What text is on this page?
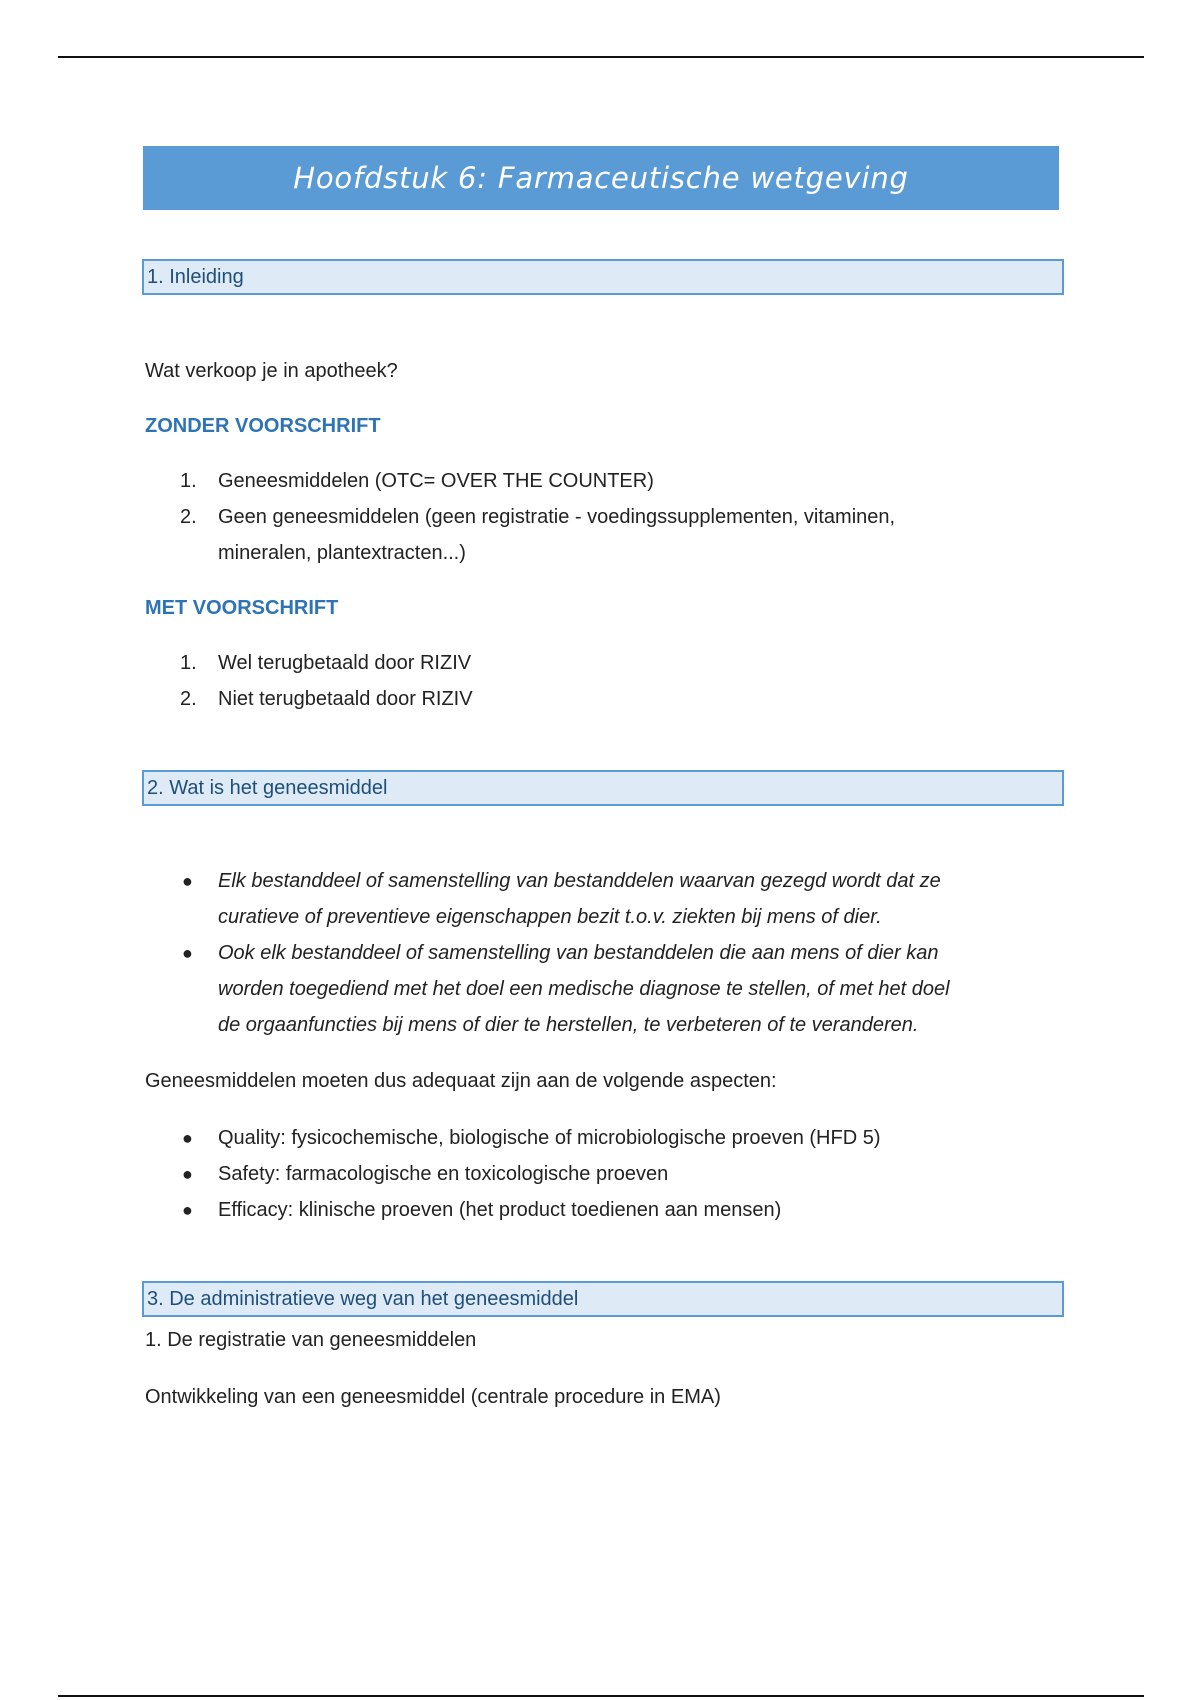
Hoofdstuk 6: Farmaceutische wetgeving
1. Inleiding
Wat verkoop je in apotheek?
ZONDER VOORSCHRIFT
1. Geneesmiddelen (OTC= OVER THE COUNTER)
2. Geen geneesmiddelen (geen registratie - voedingssupplementen, vitaminen,
mineralen, plantextracten...)
MET VOORSCHRIFT
1. Wel terugbetaald door RIZIV
2. Niet terugbetaald door RIZIV
2. Wat is het geneesmiddel
● Elk bestanddeel of samenstelling van bestanddelen waarvan gezegd wordt dat ze
curatieve of preventieve eigenschappen bezit t.o.v. ziekten bij mens of dier.
● Ook elk bestanddeel of samenstelling van bestanddelen die aan mens of dier kan
worden toegediend met het doel een medische diagnose te stellen, of met het doel
de orgaanfuncties bij mens of dier te herstellen, te verbeteren of te veranderen.
Geneesmiddelen moeten dus adequaat zijn aan de volgende aspecten:
● Quality: fysicochemische, biologische of microbiologische proeven (HFD 5)
● Safety: farmacologische en toxicologische proeven
● Efficacy: klinische proeven (het product toedienen aan mensen)
3. De administratieve weg van het geneesmiddel
1. De registratie van geneesmiddelen
Ontwikkeling van een geneesmiddel (centrale procedure in EMA)
